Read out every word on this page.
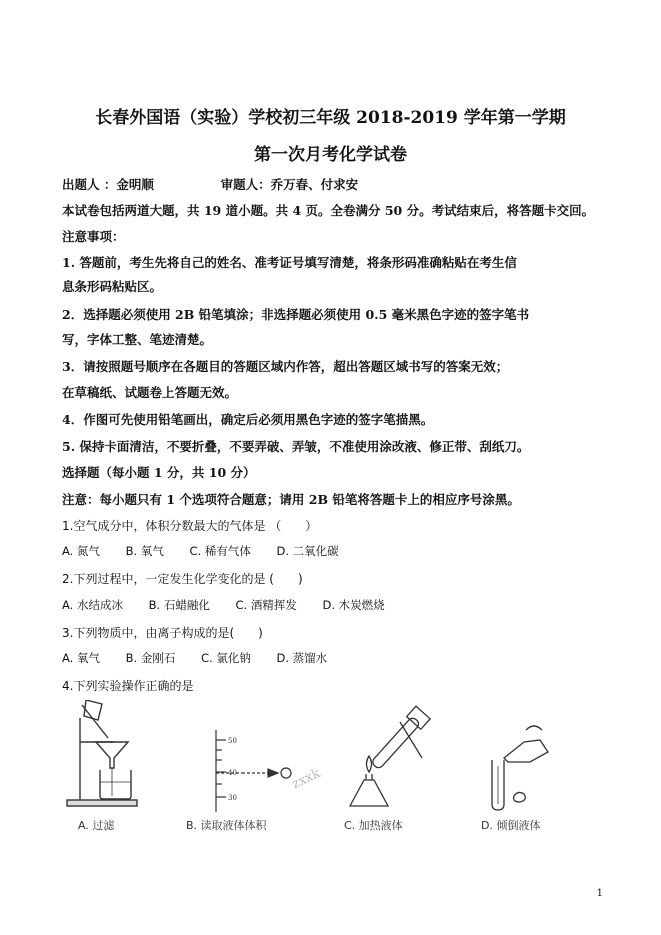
长春外国语（实验）学校初三年级 2018-2019 学年第一学期
第一次月考化学试卷
出题人 ：金明顺	审题人：乔万春、付求安
本试卷包括两道大题，共 19 道小题。共 4 页。全卷满分 50 分。考试结束后，将答题卡交回。
注意事项：
1. 答题前，考生先将自己的姓名、准考证号填写清楚，将条形码准确粘贴在考生信
息条形码粘贴区。
2．选择题必须使用 2B 铅笔填涂；非选择题必须使用 0.5 毫米黑色字迹的签字笔书
写，字体工整、笔迹清楚。
3．请按照题号顺序在各题目的答题区域内作答，超出答题区域书写的答案无效；
在草稿纸、试题卷上答题无效。
4．作图可先使用铅笔画出，确定后必须用黑色字迹的签字笔描黑。
5. 保持卡面清洁，不要折叠，不要弄破、弄皱，不准使用涂改液、修正带、刮纸刀。
选择题（每小题 1 分，共 10 分）
注意：每小题只有 1 个选项符合题意；请用 2B 铅笔将答题卡上的相应序号涂黑。
1.空气成分中，体积分数最大的气体是 （　　）
A. 氮气 B. 氧气 C. 稀有气体 D. 二氧化碳
2.下列过程中，一定发生化学变化的是 (　　)
A. 水结成冰 B. 石蜡融化 C. 酒精挥发 D. 木炭燃烧
3.下列物质中，由离子构成的是(　　)
A. 氧气 B. 金刚石 C. 氯化钠 D. 蒸馏水
4.下列实验操作正确的是
A. 过滤
50
40
30
zxxk
B. 读取液体体积	C. 加热液体	D. 倾倒液体
1
